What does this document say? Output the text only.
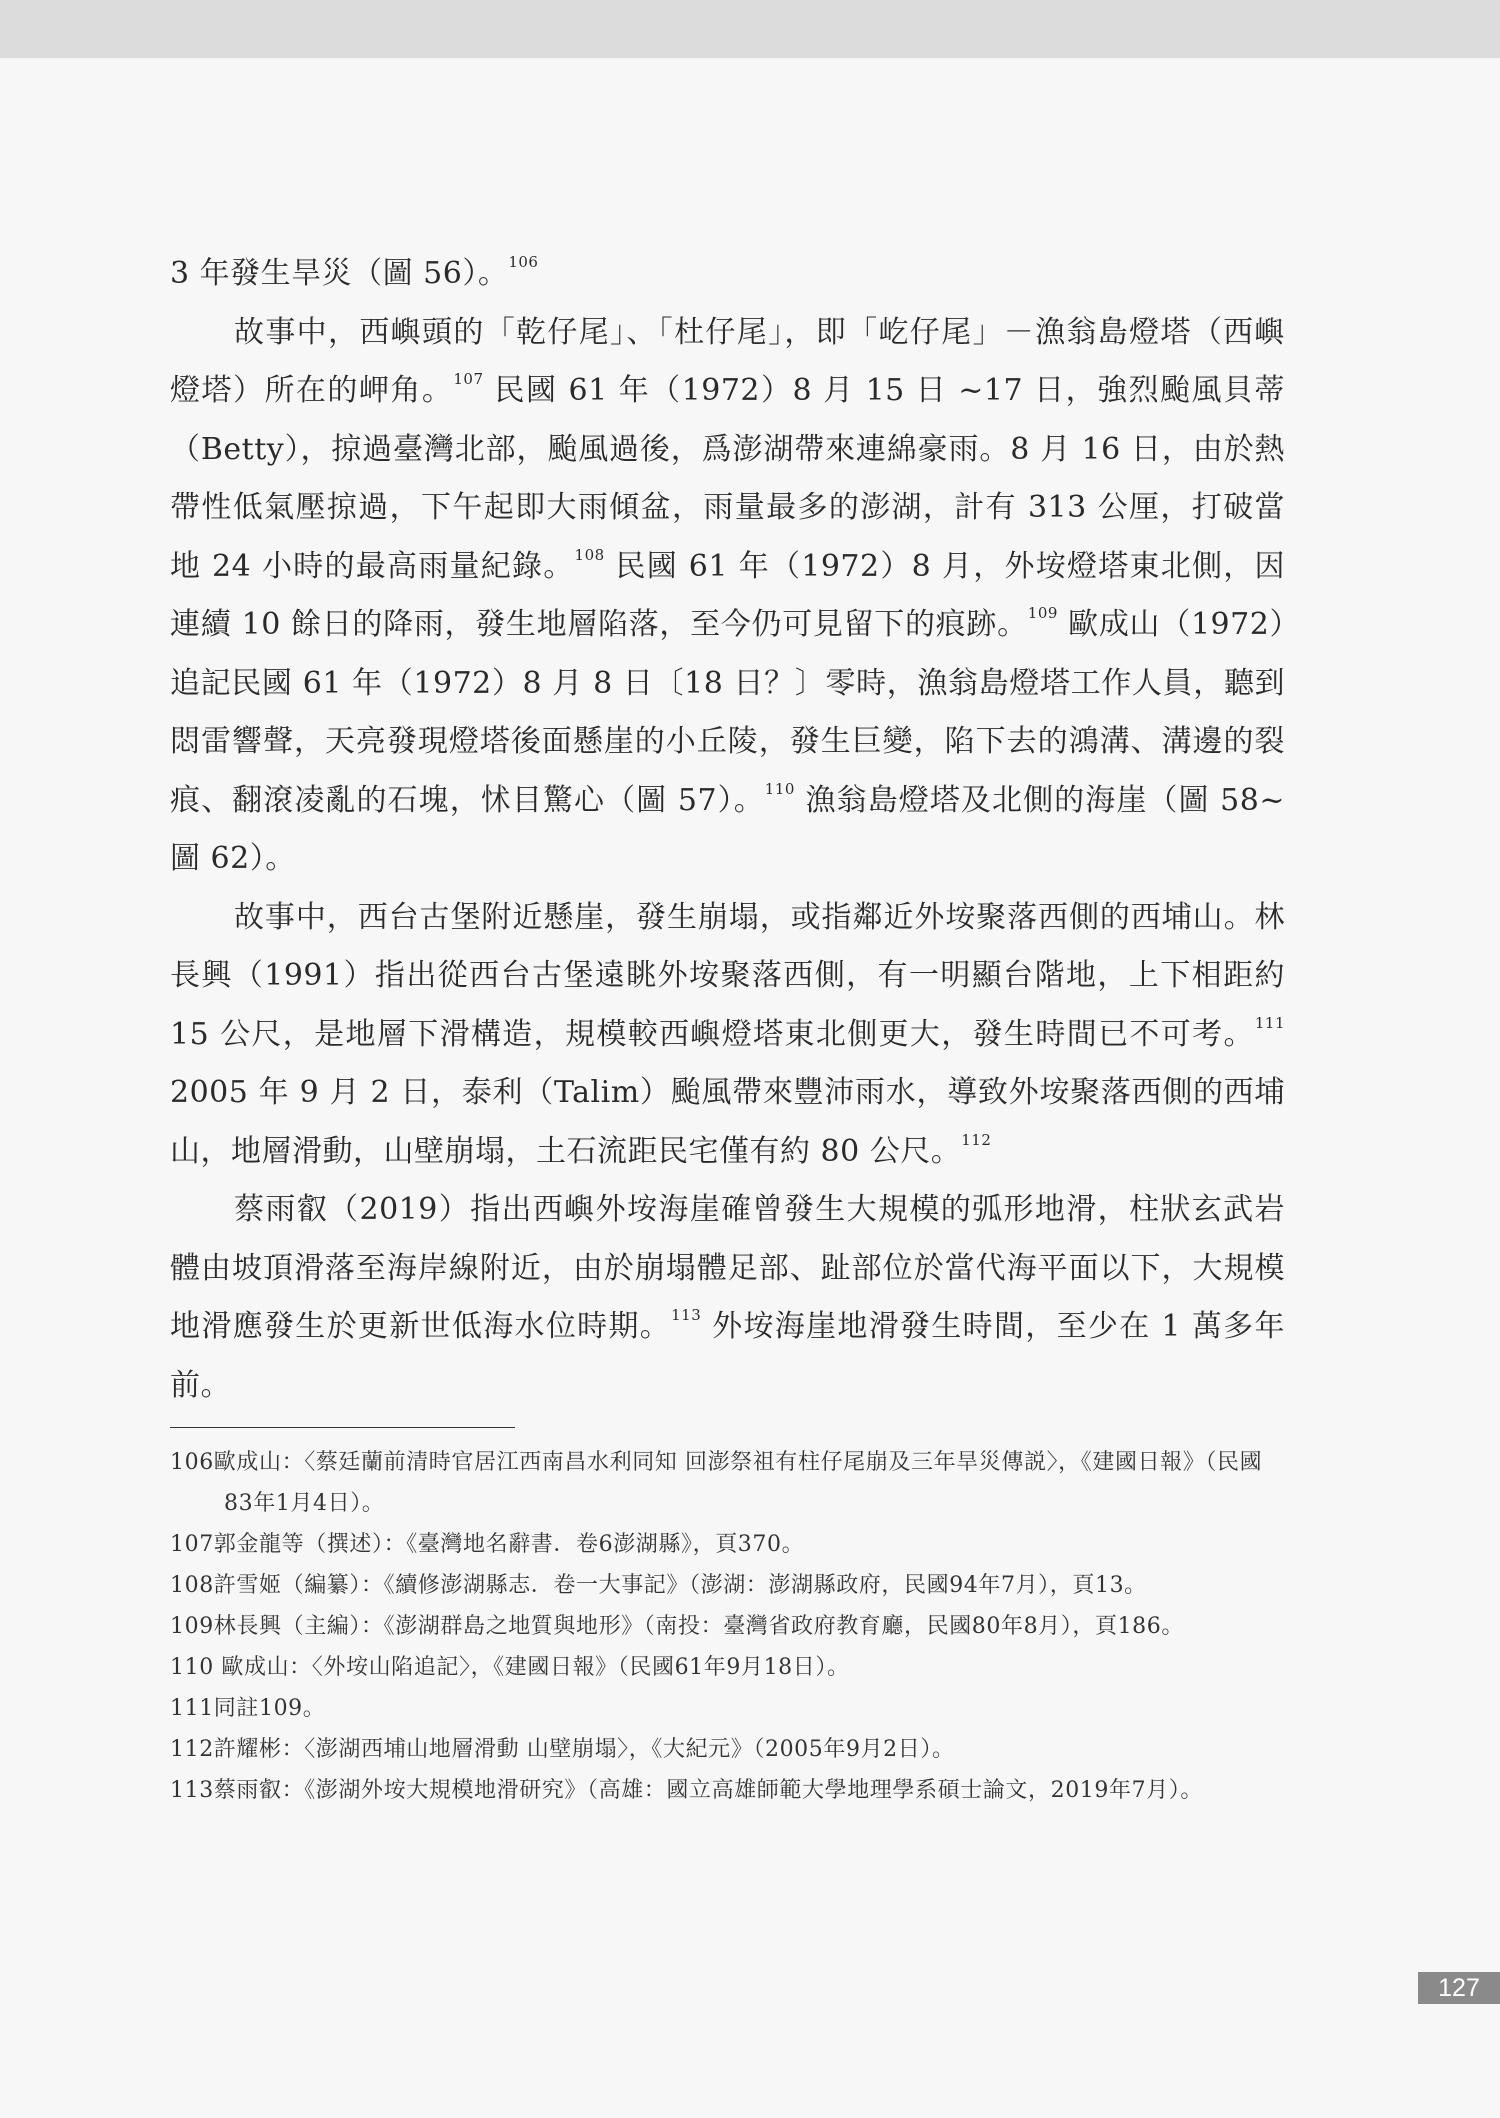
3 年發生旱災（圖 56）。$^{106}$

故事中，西嶼頭的「乾仔尾」、「杜仔尾」，即「屹仔尾」－漁翁島燈塔（西嶼燈塔）所在的岬角。$^{107}$ 民國 61 年（1972）8 月 15 日 ~17 日，強烈颱風貝蒂（Betty），掠過臺灣北部，颱風過後，爲澎湖帶來連綿豪雨。8 月 16 日，由於熱帶性低氣壓掠過，下午起即大雨傾盆，雨量最多的澎湖，計有 313 公厘，打破當地 24 小時的最高雨量紀錄。$^{108}$ 民國 61 年（1972）8 月，外垵燈塔東北側，因連續 10 餘日的降雨，發生地層陷落，至今仍可見留下的痕跡。$^{109}$ 歐成山（1972）追記民國 61 年（1972）8 月 8 日〔18 日？〕零時，漁翁島燈塔工作人員，聽到悶雷響聲，天亮發現燈塔後面懸崖的小丘陵，發生巨變，陷下去的鴻溝、溝邊的裂痕、翻滾凌亂的石塊，怵目驚心（圖 57）。$^{110}$ 漁翁島燈塔及北側的海崖（圖 58~ 圖 62）。

故事中，西台古堡附近懸崖，發生崩塌，或指鄰近外垵聚落西側的西埔山。林長興（1991）指出從西台古堡遠眺外垵聚落西側，有一明顯台階地，上下相距約 15 公尺，是地層下滑構造，規模較西嶼燈塔東北側更大，發生時間已不可考。$^{111}$ 2005 年 9 月 2 日，泰利（Talim）颱風帶來豐沛雨水，導致外垵聚落西側的西埔山，地層滑動，山壁崩塌，土石流距民宅僅有約 80 公尺。$^{112}$

蔡雨叡（2019）指出西嶼外垵海崖確曾發生大規模的弧形地滑，柱狀玄武岩體由坡頂滑落至海岸線附近，由於崩塌體足部、趾部位於當代海平面以下，大規模地滑應發生於更新世低海水位時期。$^{113}$ 外垵海崖地滑發生時間，至少在 1 萬多年前。

106歐成山：〈蔡廷蘭前清時官居江西南昌水利同知 回澎祭祖有柱仔尾崩及三年旱災傳説〉，《建國日報》（民國83年1月4日）。
107郭金龍等（撰述）：《臺灣地名辭書．卷6澎湖縣》，頁370。
108許雪姬（編纂）：《續修澎湖縣志．卷一大事記》（澎湖：澎湖縣政府，民國94年7月），頁13。
109林長興（主編）：《澎湖群島之地質與地形》（南投：臺灣省政府教育廳，民國80年8月），頁186。
110 歐成山：〈外垵山陷追記〉，《建國日報》（民國61年9月18日）。
111同註109。
112許耀彬：〈澎湖西埔山地層滑動 山壁崩塌〉，《大紀元》（2005年9月2日）。
113蔡雨叡：《澎湖外垵大規模地滑研究》（高雄：國立高雄師範大學地理學系碩士論文，2019年7月）。
127
